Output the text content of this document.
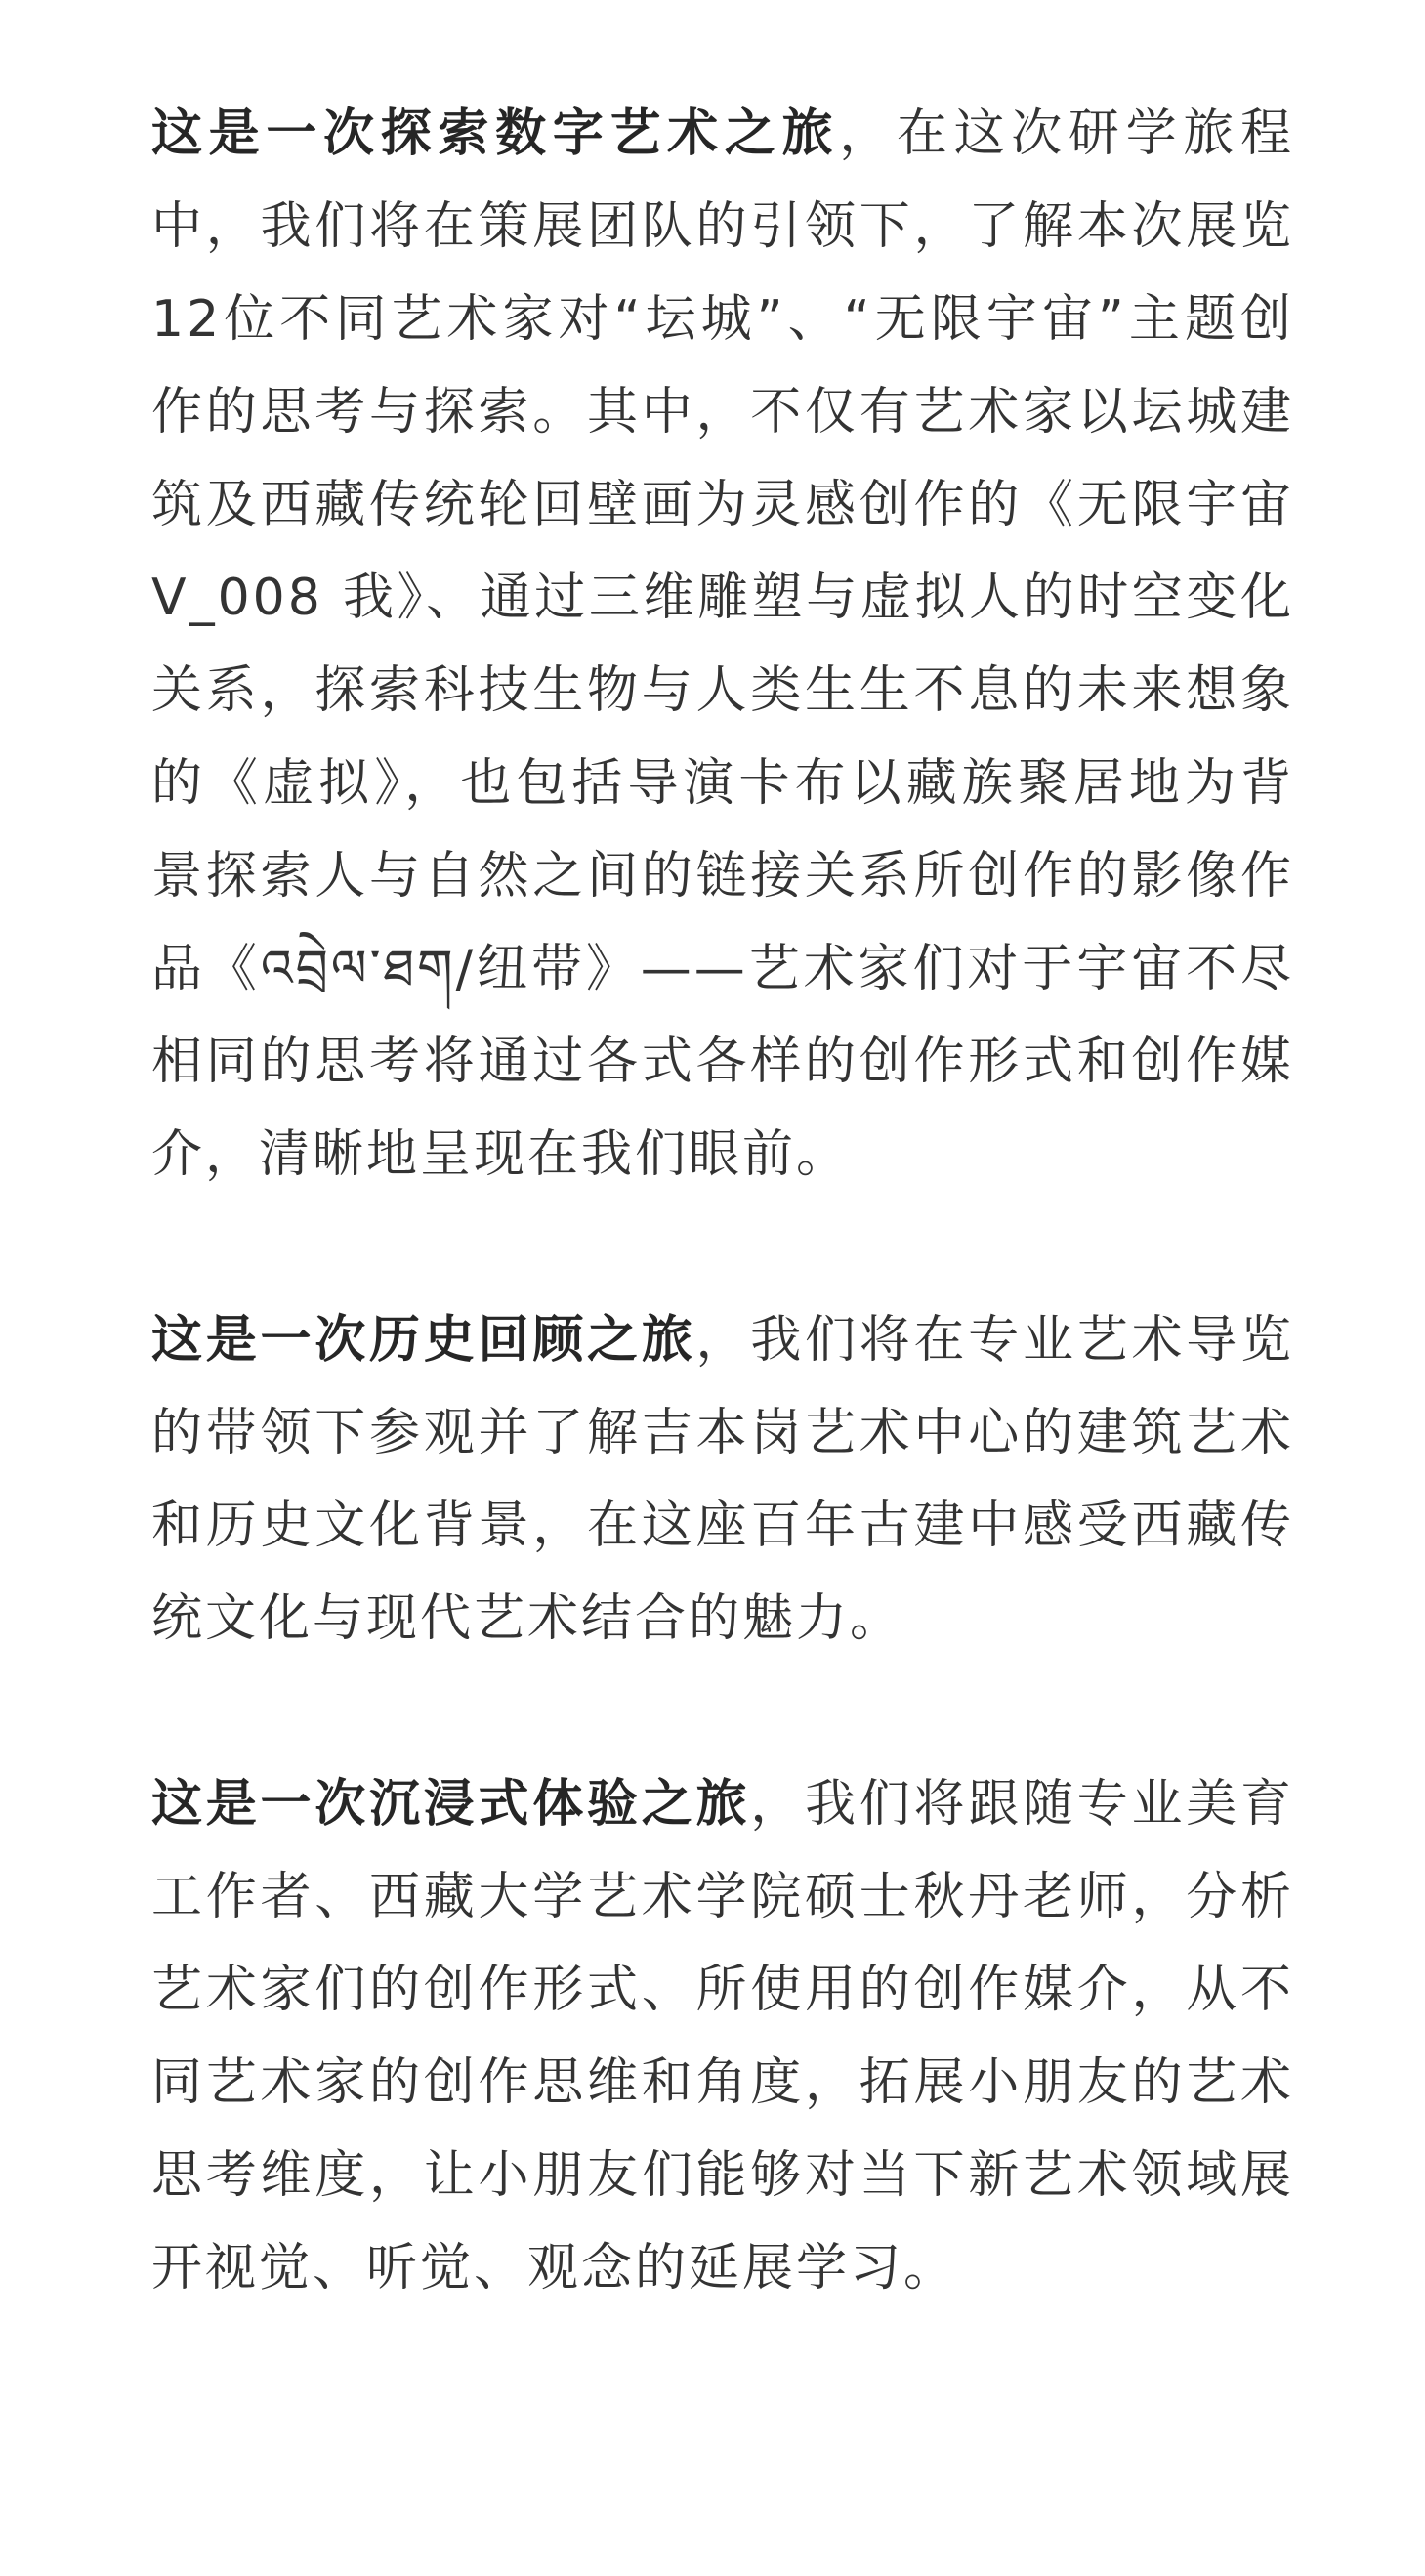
这是一次探索数字艺术之旅，在这次研学旅程中，我们将在策展团队的引领下，了解本次展览12位不同艺术家对“坛城”、“无限宇宙”主题创作的思考与探索。其中，不仅有艺术家以坛城建筑及西藏传统轮回壁画为灵感创作的《无限宇宙 V_008 我》、通过三维雕塑与虚拟人的时空变化关系，探索科技生物与人类生生不息的未来想象的《虚拟》，也包括导演卡布以藏族聚居地为背景探索人与自然之间的链接关系所创作的影像作品《འབྲེལ་ཐག/纽带》——艺术家们对于宇宙不尽相同的思考将通过各式各样的创作形式和创作媒介，清晰地呈现在我们眼前。

这是一次历史回顾之旅，我们将在专业艺术导览的带领下参观并了解吉本岗艺术中心的建筑艺术和历史文化背景，在这座百年古建中感受西藏传统文化与现代艺术结合的魅力。

这是一次沉浸式体验之旅，我们将跟随专业美育工作者、西藏大学艺术学院硕士秋丹老师，分析艺术家们的创作形式、所使用的创作媒介，从不同艺术家的创作思维和角度，拓展小朋友的艺术思考维度，让小朋友们能够对当下新艺术领域展开视觉、听觉、观念的延展学习。
